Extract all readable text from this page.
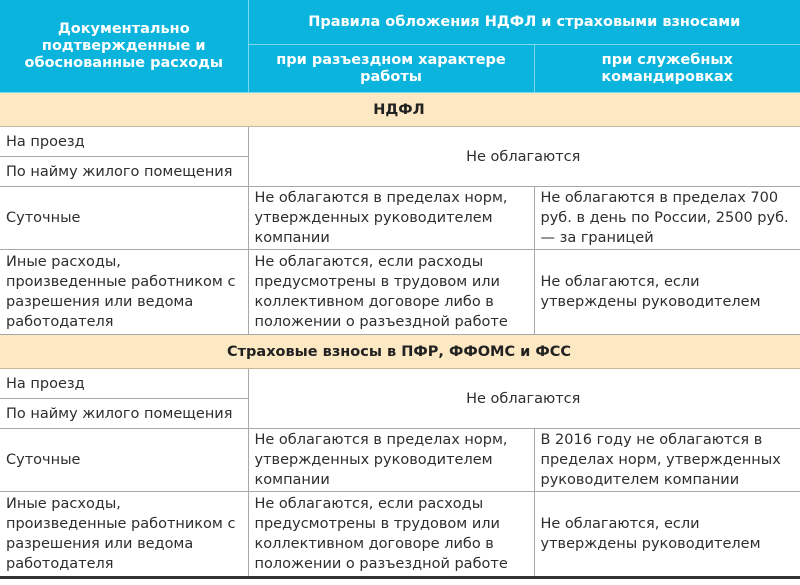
Документально подтвержденные и обоснованные расходы	Правила обложения НДФЛ и страховыми взносами	
	при разъездном характере работы	при служебных командировках
НДФЛ		
На проезд	Не облагаются	
По найму жилого помещения		
Суточные	Не облагаются в пределах норм, утвержденных руководителем компании	Не облагаются в пределах 700 руб. в день по России, 2500 руб. — за границей
Иные расходы, произведенные работником с разрешения или ведома работодателя	Не облагаются, если расходы предусмотрены в трудовом или коллективном договоре либо в положении о разъездной работе	Не облагаются, если утверждены руководителем
Страховые взносы в ПФР, ФФОМС и ФСС		
На проезд	Не облагаются	
По найму жилого помещения		
Суточные	Не облагаются в пределах норм, утвержденных руководителем компании	В 2016 году не облагаются в пределах норм, утвержденных руководителем компании
Иные расходы, произведенные работником с разрешения или ведома работодателя	Не облагаются, если расходы предусмотрены в трудовом или коллективном договоре либо в положении о разъездной работе	Не облагаются, если утверждены руководителем
